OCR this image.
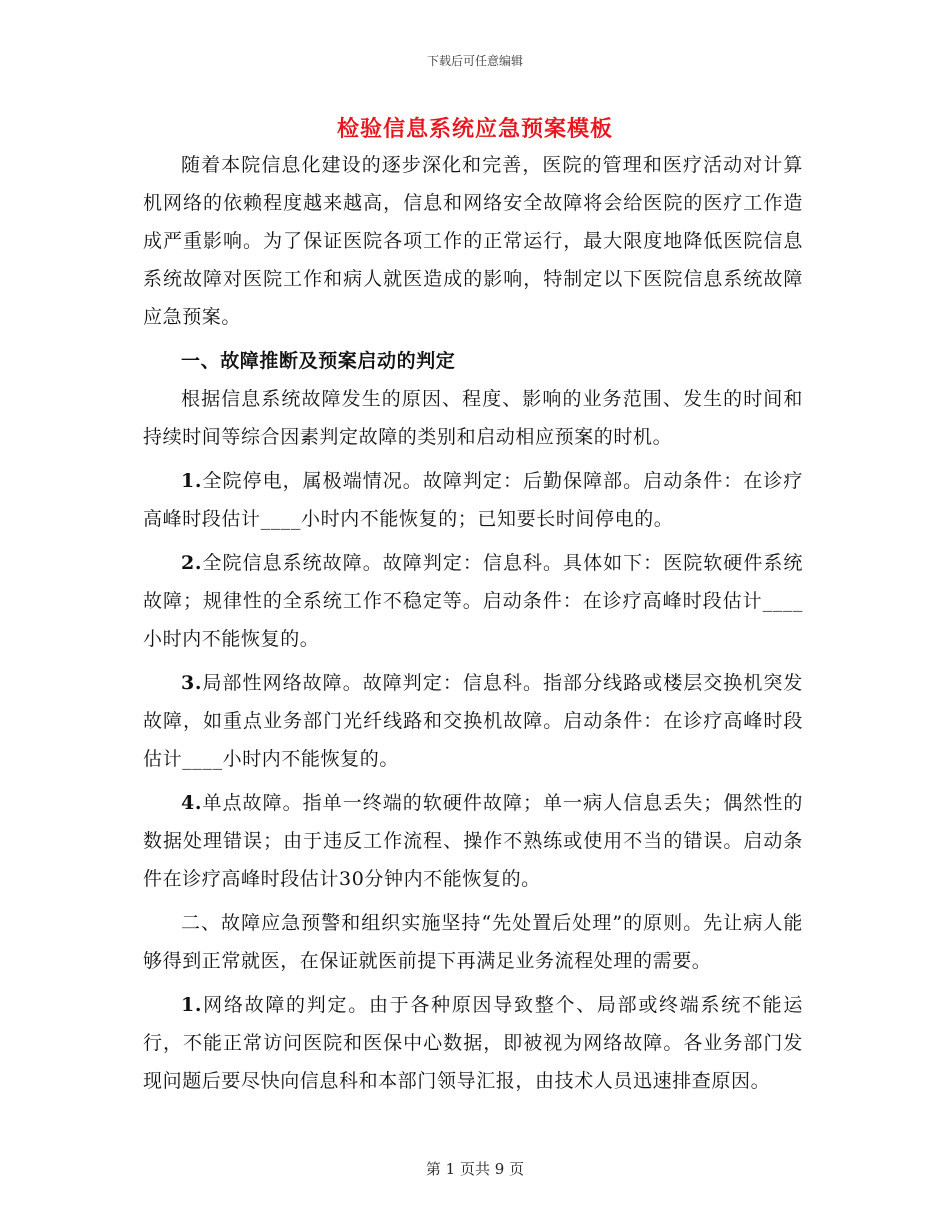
下载后可任意编辑
检验信息系统应急预案模板

随着本院信息化建设的逐步深化和完善，医院的管理和医疗活动对计算机网络的依赖程度越来越高，信息和网络安全故障将会给医院的医疗工作造成严重影响。为了保证医院各项工作的正常运行，最大限度地降低医院信息系统故障对医院工作和病人就医造成的影响，特制定以下医院信息系统故障应急预案。

一、故障推断及预案启动的判定

根据信息系统故障发生的原因、程度、影响的业务范围、发生的时间和持续时间等综合因素判定故障的类别和启动相应预案的时机。

1.全院停电，属极端情况。故障判定：后勤保障部。启动条件：在诊疗高峰时段估计____小时内不能恢复的；已知要长时间停电的。

2.全院信息系统故障。故障判定：信息科。具体如下：医院软硬件系统故障；规律性的全系统工作不稳定等。启动条件：在诊疗高峰时段估计____小时内不能恢复的。

3.局部性网络故障。故障判定：信息科。指部分线路或楼层交换机突发故障，如重点业务部门光纤线路和交换机故障。启动条件：在诊疗高峰时段估计____小时内不能恢复的。

4.单点故障。指单一终端的软硬件故障；单一病人信息丢失；偶然性的数据处理错误；由于违反工作流程、操作不熟练或使用不当的错误。启动条件在诊疗高峰时段估计30分钟内不能恢复的。

二、故障应急预警和组织实施坚持“先处置后处理”的原则。先让病人能够得到正常就医，在保证就医前提下再满足业务流程处理的需要。

1.网络故障的判定。由于各种原因导致整个、局部或终端系统不能运行，不能正常访问医院和医保中心数据，即被视为网络故障。各业务部门发现问题后要尽快向信息科和本部门领导汇报，由技术人员迅速排查原因。

第 1 页共 9 页
